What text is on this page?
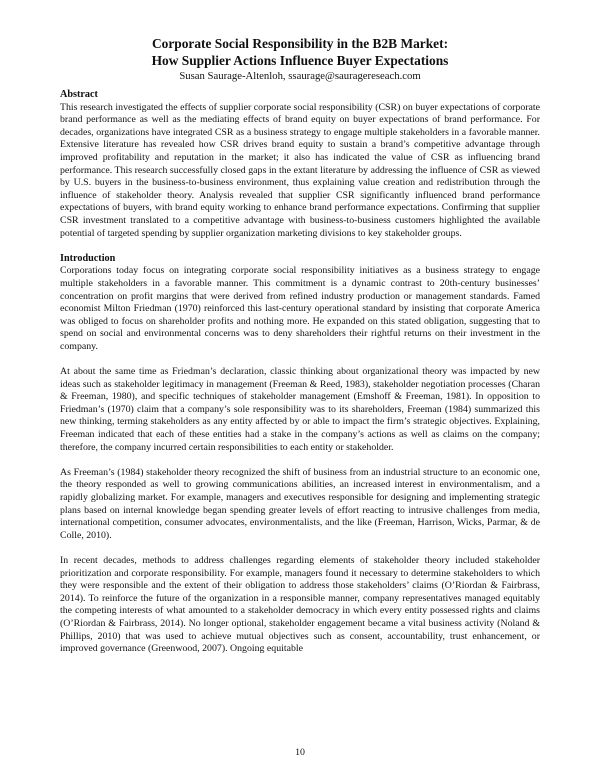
Corporate Social Responsibility in the B2B Market:

How Supplier Actions Influence Buyer Expectations

Susan Saurage-Altenloh, ssaurage@sauragereseach.com

Abstract

This research investigated the effects of supplier corporate social responsibility (CSR) on buyer expectations of corporate brand performance as well as the mediating effects of brand equity on buyer expectations of brand performance. For decades, organizations have integrated CSR as a business strategy to engage multiple stakeholders in a favorable manner. Extensive literature has revealed how CSR drives brand equity to sustain a brand’s competitive advantage through improved profitability and reputation in the market; it also has indicated the value of CSR as influencing brand performance. This research successfully closed gaps in the extant literature by addressing the influence of CSR as viewed by U.S. buyers in the business-to-business environment, thus explaining value creation and redistribution through the influence of stakeholder theory. Analysis revealed that supplier CSR significantly influenced brand performance expectations of buyers, with brand equity working to enhance brand performance expectations. Confirming that supplier CSR investment translated to a competitive advantage with business-to-business customers highlighted the available potential of targeted spending by supplier organization marketing divisions to key stakeholder groups.

Introduction

Corporations today focus on integrating corporate social responsibility initiatives as a business strategy to engage multiple stakeholders in a favorable manner. This commitment is a dynamic contrast to 20th-century businesses’ concentration on profit margins that were derived from refined industry production or management standards. Famed economist Milton Friedman (1970) reinforced this last-century operational standard by insisting that corporate America was obliged to focus on shareholder profits and nothing more. He expanded on this stated obligation, suggesting that to spend on social and environmental concerns was to deny shareholders their rightful returns on their investment in the company.

At about the same time as Friedman’s declaration, classic thinking about organizational theory was impacted by new ideas such as stakeholder legitimacy in management (Freeman & Reed, 1983), stakeholder negotiation processes (Charan & Freeman, 1980), and specific techniques of stakeholder management (Emshoff & Freeman, 1981). In opposition to Friedman’s (1970) claim that a company’s sole responsibility was to its shareholders, Freeman (1984) summarized this new thinking, terming stakeholders as any entity affected by or able to impact the firm’s strategic objectives. Explaining, Freeman indicated that each of these entities had a stake in the company’s actions as well as claims on the company; therefore, the company incurred certain responsibilities to each entity or stakeholder.

As Freeman’s (1984) stakeholder theory recognized the shift of business from an industrial structure to an economic one, the theory responded as well to growing communications abilities, an increased interest in environmentalism, and a rapidly globalizing market. For example, managers and executives responsible for designing and implementing strategic plans based on internal knowledge began spending greater levels of effort reacting to intrusive challenges from media, international competition, consumer advocates, environmentalists, and the like (Freeman, Harrison, Wicks, Parmar, & de Colle, 2010).

In recent decades, methods to address challenges regarding elements of stakeholder theory included stakeholder prioritization and corporate responsibility. For example, managers found it necessary to determine stakeholders to which they were responsible and the extent of their obligation to address those stakeholders’ claims (O’Riordan & Fairbrass, 2014). To reinforce the future of the organization in a responsible manner, company representatives managed equitably the competing interests of what amounted to a stakeholder democracy in which every entity possessed rights and claims (O’Riordan & Fairbrass, 2014). No longer optional, stakeholder engagement became a vital business activity (Noland & Phillips, 2010) that was used to achieve mutual objectives such as consent, accountability, trust enhancement, or improved governance (Greenwood, 2007). Ongoing equitable

10
